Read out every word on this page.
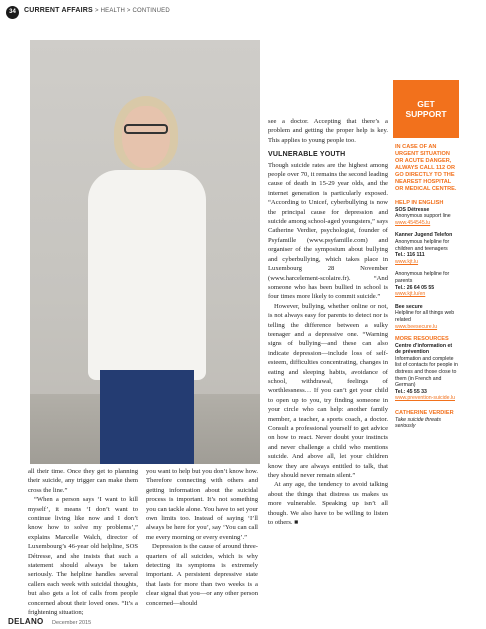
34	CURRENT AFFAIRS > HEALTH > CONTINUED

all their time. Once they get to planning their suicide, any trigger can make them cross the line.”

“When a person says ‘I want to kill myself’, it means ‘I don’t want to continue living like now and I don’t know how to solve my problems’,” explains Marcelle Walch, director of Luxembourg’s 46-year old helpline, SOS Détresse, and she insists that such a statement should always be taken seriously. The helpline handles several callers each week with suicidal thoughts, but also gets a lot of calls from people concerned about their loved ones. “It’s a frightening situation;

you want to help but you don’t know how. Therefore connecting with others and getting information about the suicidal process is important. It’s not something you can tackle alone. You have to set your own limits too. Instead of saying ‘I’ll always be here for you’, say ‘You can call me every morning or every evening’.”

Depression is the cause of around three-quarters of all suicides, which is why detecting its symptoms is extremely important. A persistent depressive state that lasts for more than two weeks is a clear signal that you—or any other person concerned—should

see a doctor. Accepting that there’s a problem and getting the proper help is key. This applies to young people too.

VULNERABLE YOUTH

Though suicide rates are the highest among people over 70, it remains the second leading cause of death in 15-29 year olds, and the internet generation is particularly exposed. “According to Unicef, cyberbullying is now the principal cause for depression and suicide among school-aged youngsters,” says Catherine Verdier, psychologist, founder of Psyfamille (www.psyfamille.com) and organiser of the symposium about bullying and cyberbullying, which takes place in Luxembourg 28 November (www.harcelement-scolaire.fr). “And someone who has been bullied in school is four times more likely to commit suicide.”

However, bullying, whether online or not, is not always easy for parents to detect nor is telling the difference between a sulky teenager and a depressive one. “Warning signs of bullying—and these can also indicate depression—include loss of self-esteem, difficulties concentrating, changes in eating and sleeping habits, avoidance of school, withdrawal, feelings of worthlessness… If you can’t get your child to open up to you, try finding someone in your circle who can help: another family member, a teacher, a sports coach, a doctor. Consult a professional yourself to get advice on how to react. Never doubt your instincts and never challenge a child who mentions suicide. And above all, let your children know they are always entitled to talk, that they should never remain silent.”

At any age, the tendency to avoid talking about the things that distress us makes us more vulnerable. Speaking up isn’t all though. We also have to be willing to listen to others. ■

GET SUPPORT
IN CASE OF AN URGENT SITUATION OR ACUTE DANGER, ALWAYS CALL 112 OR GO DIRECTLY TO THE NEAREST HOSPITAL OR MEDICAL CENTRE.
HELP IN ENGLISH
SOS Détresse
Anonymous support line
www.454545.lu
Kanner Jugend Telefon
Anonymous helpline for children and teenagers
Tel.: 116 111
www.kjt.lu
Anonymous helpline for parents
Tel.: 26 64 05 55
www.kjt.lu/en
Bee secure
Helpline for all things web related
www.beesecure.lu
MORE RESOURCES
Centre d’information et de prévention
Information and complete list of contacts for people in distress and those close to them (in French and German)
Tel.: 45 55 33
www.prevention-suicide.lu
CATHERINE VERDIER
Take suicide threats seriously
DELANO December 2015
